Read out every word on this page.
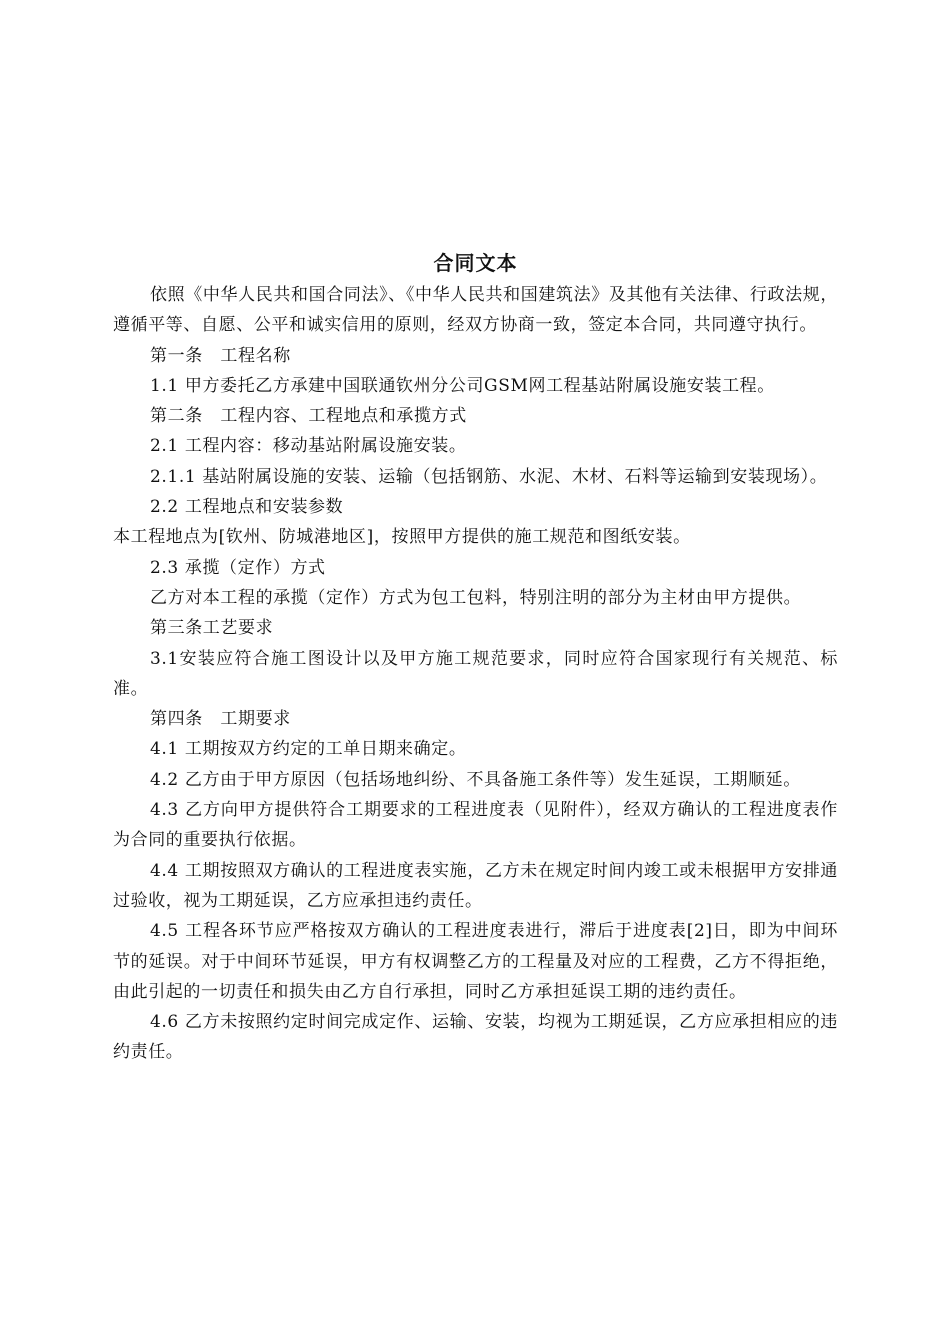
合同文本

依照《中华人民共和国合同法》、《中华人民共和国建筑法》及其他有关法律、行政法规，遵循平等、自愿、公平和诚实信用的原则，经双方协商一致，签定本合同，共同遵守执行。

第一条　工程名称

1.1 甲方委托乙方承建中国联通钦州分公司GSM网工程基站附属设施安装工程。

第二条　工程内容、工程地点和承揽方式

2.1 工程内容：移动基站附属设施安装。

2.1.1 基站附属设施的安装、运输（包括钢筋、水泥、木材、石料等运输到安装现场）。

2.2 工程地点和安装参数

本工程地点为[钦州、防城港地区]，按照甲方提供的施工规范和图纸安装。

2.3 承揽（定作）方式

乙方对本工程的承揽（定作）方式为包工包料，特别注明的部分为主材由甲方提供。

第三条工艺要求

3.1安装应符合施工图设计以及甲方施工规范要求，同时应符合国家现行有关规范、标准。

第四条　工期要求

4.1 工期按双方约定的工单日期来确定。

4.2 乙方由于甲方原因（包括场地纠纷、不具备施工条件等）发生延误，工期顺延。

4.3 乙方向甲方提供符合工期要求的工程进度表（见附件），经双方确认的工程进度表作为合同的重要执行依据。

4.4 工期按照双方确认的工程进度表实施，乙方未在规定时间内竣工或未根据甲方安排通过验收，视为工期延误，乙方应承担违约责任。

4.5 工程各环节应严格按双方确认的工程进度表进行，滞后于进度表[2]日，即为中间环节的延误。对于中间环节延误，甲方有权调整乙方的工程量及对应的工程费，乙方不得拒绝，由此引起的一切责任和损失由乙方自行承担，同时乙方承担延误工期的违约责任。

4.6 乙方未按照约定时间完成定作、运输、安装，均视为工期延误，乙方应承担相应的违约责任。
